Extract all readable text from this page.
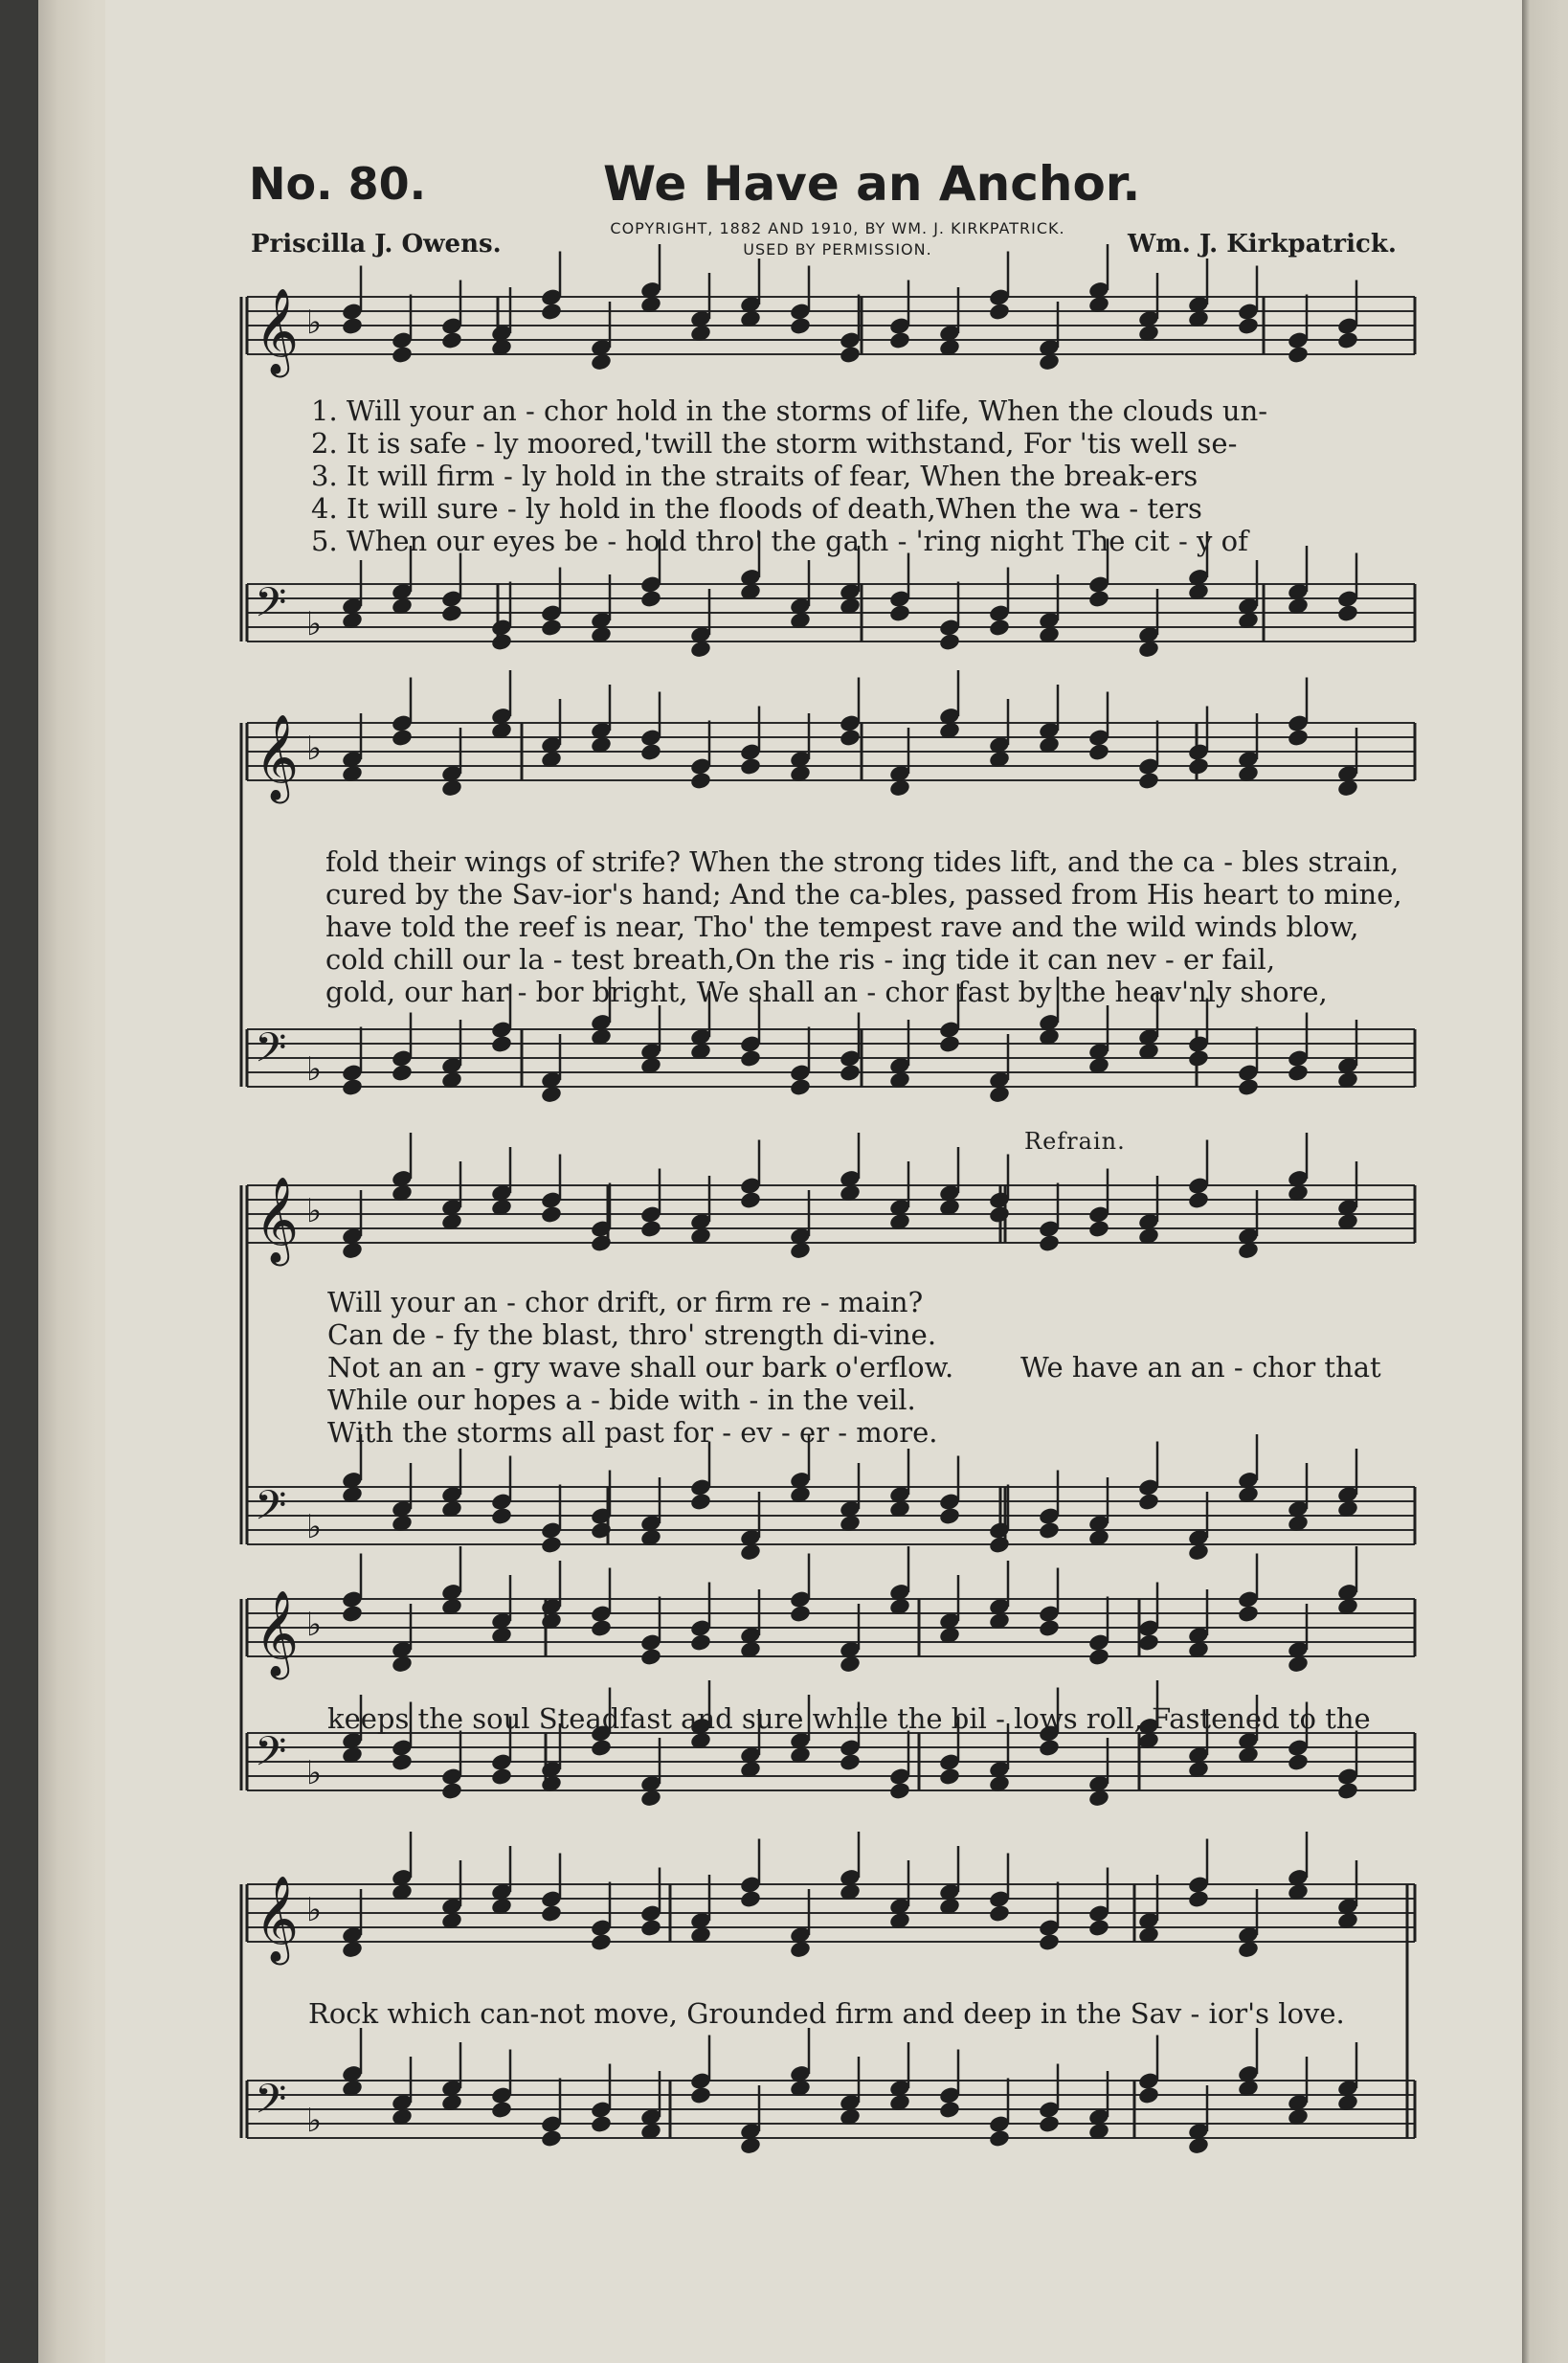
No. 80.	We Have an Anchor.
COPYRIGHT, 1882 AND 1910, BY WM. J. KIRKPATRICK.
USED BY PERMISSION.
Priscilla J. Owens.	Wm. J. Kirkpatrick.
𝄞 ♭
𝄢 ♭
𝄞 ♭
𝄢 ♭
𝄞 ♭
𝄢 ♭
𝄞 ♭
𝄢 ♭
𝄞 ♭
𝄢 ♭
1. Will your an - chor hold in the storms of life, When the clouds un-
2. It is safe - ly moored,'twill the storm withstand, For 'tis well se-
3. It will firm - ly hold in the straits of fear, When the break-ers
4. It will sure - ly hold in the floods of death,When the wa - ters
5. When our eyes be - hold thro' the gath - 'ring night The cit - y of
fold their wings of strife? When the strong tides lift, and the ca - bles strain,
cured by the Sav-ior's hand; And the ca-bles, passed from His heart to mine,
have told the reef is near, Tho' the tempest rave and the wild winds blow,
cold chill our la - test breath,On the ris - ing tide it can nev - er fail,
gold, our har - bor bright, We shall an - chor fast by the heav'nly shore,
Refrain.
Will your an - chor drift, or firm re - main?
Can de - fy the blast, thro' strength di-vine.
Not an an - gry wave shall our bark o'erflow.
While our hopes a - bide with - in the veil.
With the storms all past for - ev - er - more.
We have an an - chor that
keeps the soul Steadfast and sure while the bil - lows roll, Fastened to the
Rock which can-not move, Grounded firm and deep in the Sav - ior's love.
